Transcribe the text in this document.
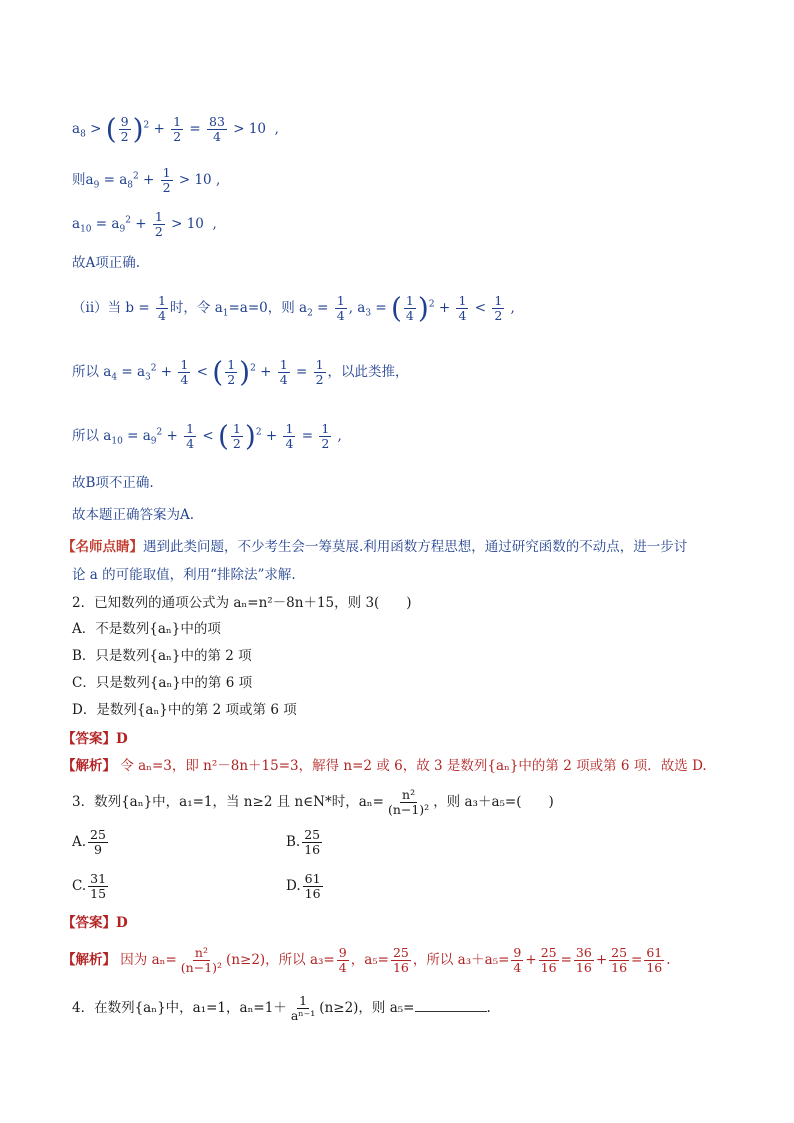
$a_8$ > ( $\frac{9}{2} )^2 + \frac{1}{2} = \frac{83}{4} > 10$  ,
则$a_9 = a_8^2 + \frac{1}{2} > 10$ ,
$a_{10} = a_9^2 + \frac{1}{2} > 10$  ,
故A项正确.
（ii）当 $b = \frac{1}{4}$ 时，令 $a_1=a=0$，则 $a_2 = \frac{1}{4}$ , $a_3$ = ( $\frac{1}{4} )^2 + \frac{1}{4} < \frac{1}{2}$ ,
所以 $a_4 = a_3^2 + \frac{1}{4}$ < ( $\frac{1}{2} )^2 + \frac{1}{4} = \frac{1}{2}$ ，以此类推，
所以 $a_{10} = a_9^2 + \frac{1}{4}$ < ( $\frac{1}{2} )^2 + \frac{1}{4} = \frac{1}{2}$ ,
故B项不正确.
故本题正确答案为A.
【名师点睛】遇到此类问题，不少考生会一筹莫展.利用函数方程思想，通过研究函数的不动点，进一步讨
论 a 的可能取值，利用“排除法”求解.
2．已知数列的通项公式为 aₙ=n²－8n＋15，则 3(　　)
A．不是数列{aₙ}中的项
B．只是数列{aₙ}中的第 2 项
C．只是数列{aₙ}中的第 6 项
D．是数列{aₙ}中的第 2 项或第 6 项
【答案】D
【解析】 令 aₙ=3，即 n²－8n＋15=3，解得 n=2 或 6，故 3 是数列{aₙ}中的第 2 项或第 6 项．故选 D.
3．数列{aₙ}中，a₁=1，当 n≥2 且 n∈N*时，$a_n= \frac{\text{n²}}{\text{(n−1)²}}$ ，则 a₃＋a₅=(　　)
A. $\frac{25}{9}$	B. $\frac{25}{16}$
C. $\frac{31}{15}$	D. $\frac{61}{16}$
【答案】D
【解析】 因为 $a_n= \frac{\text{n²}}{\text{(n−1)²}} (n\ge 2)$，所以 $a_3= \frac{9}{4}$ ，$a_5= \frac{25}{16}$ ，所以 $a_3+a_5= \frac{9}{4} + \frac{25}{16} = \frac{36}{16} + \frac{25}{16} = \frac{61}{16}$ .
4．在数列{aₙ}中，a₁=1，$a_n=1+ \frac{1}{\text{aⁿ⁻¹}} (n\ge 2)$，则 a₅=	.
